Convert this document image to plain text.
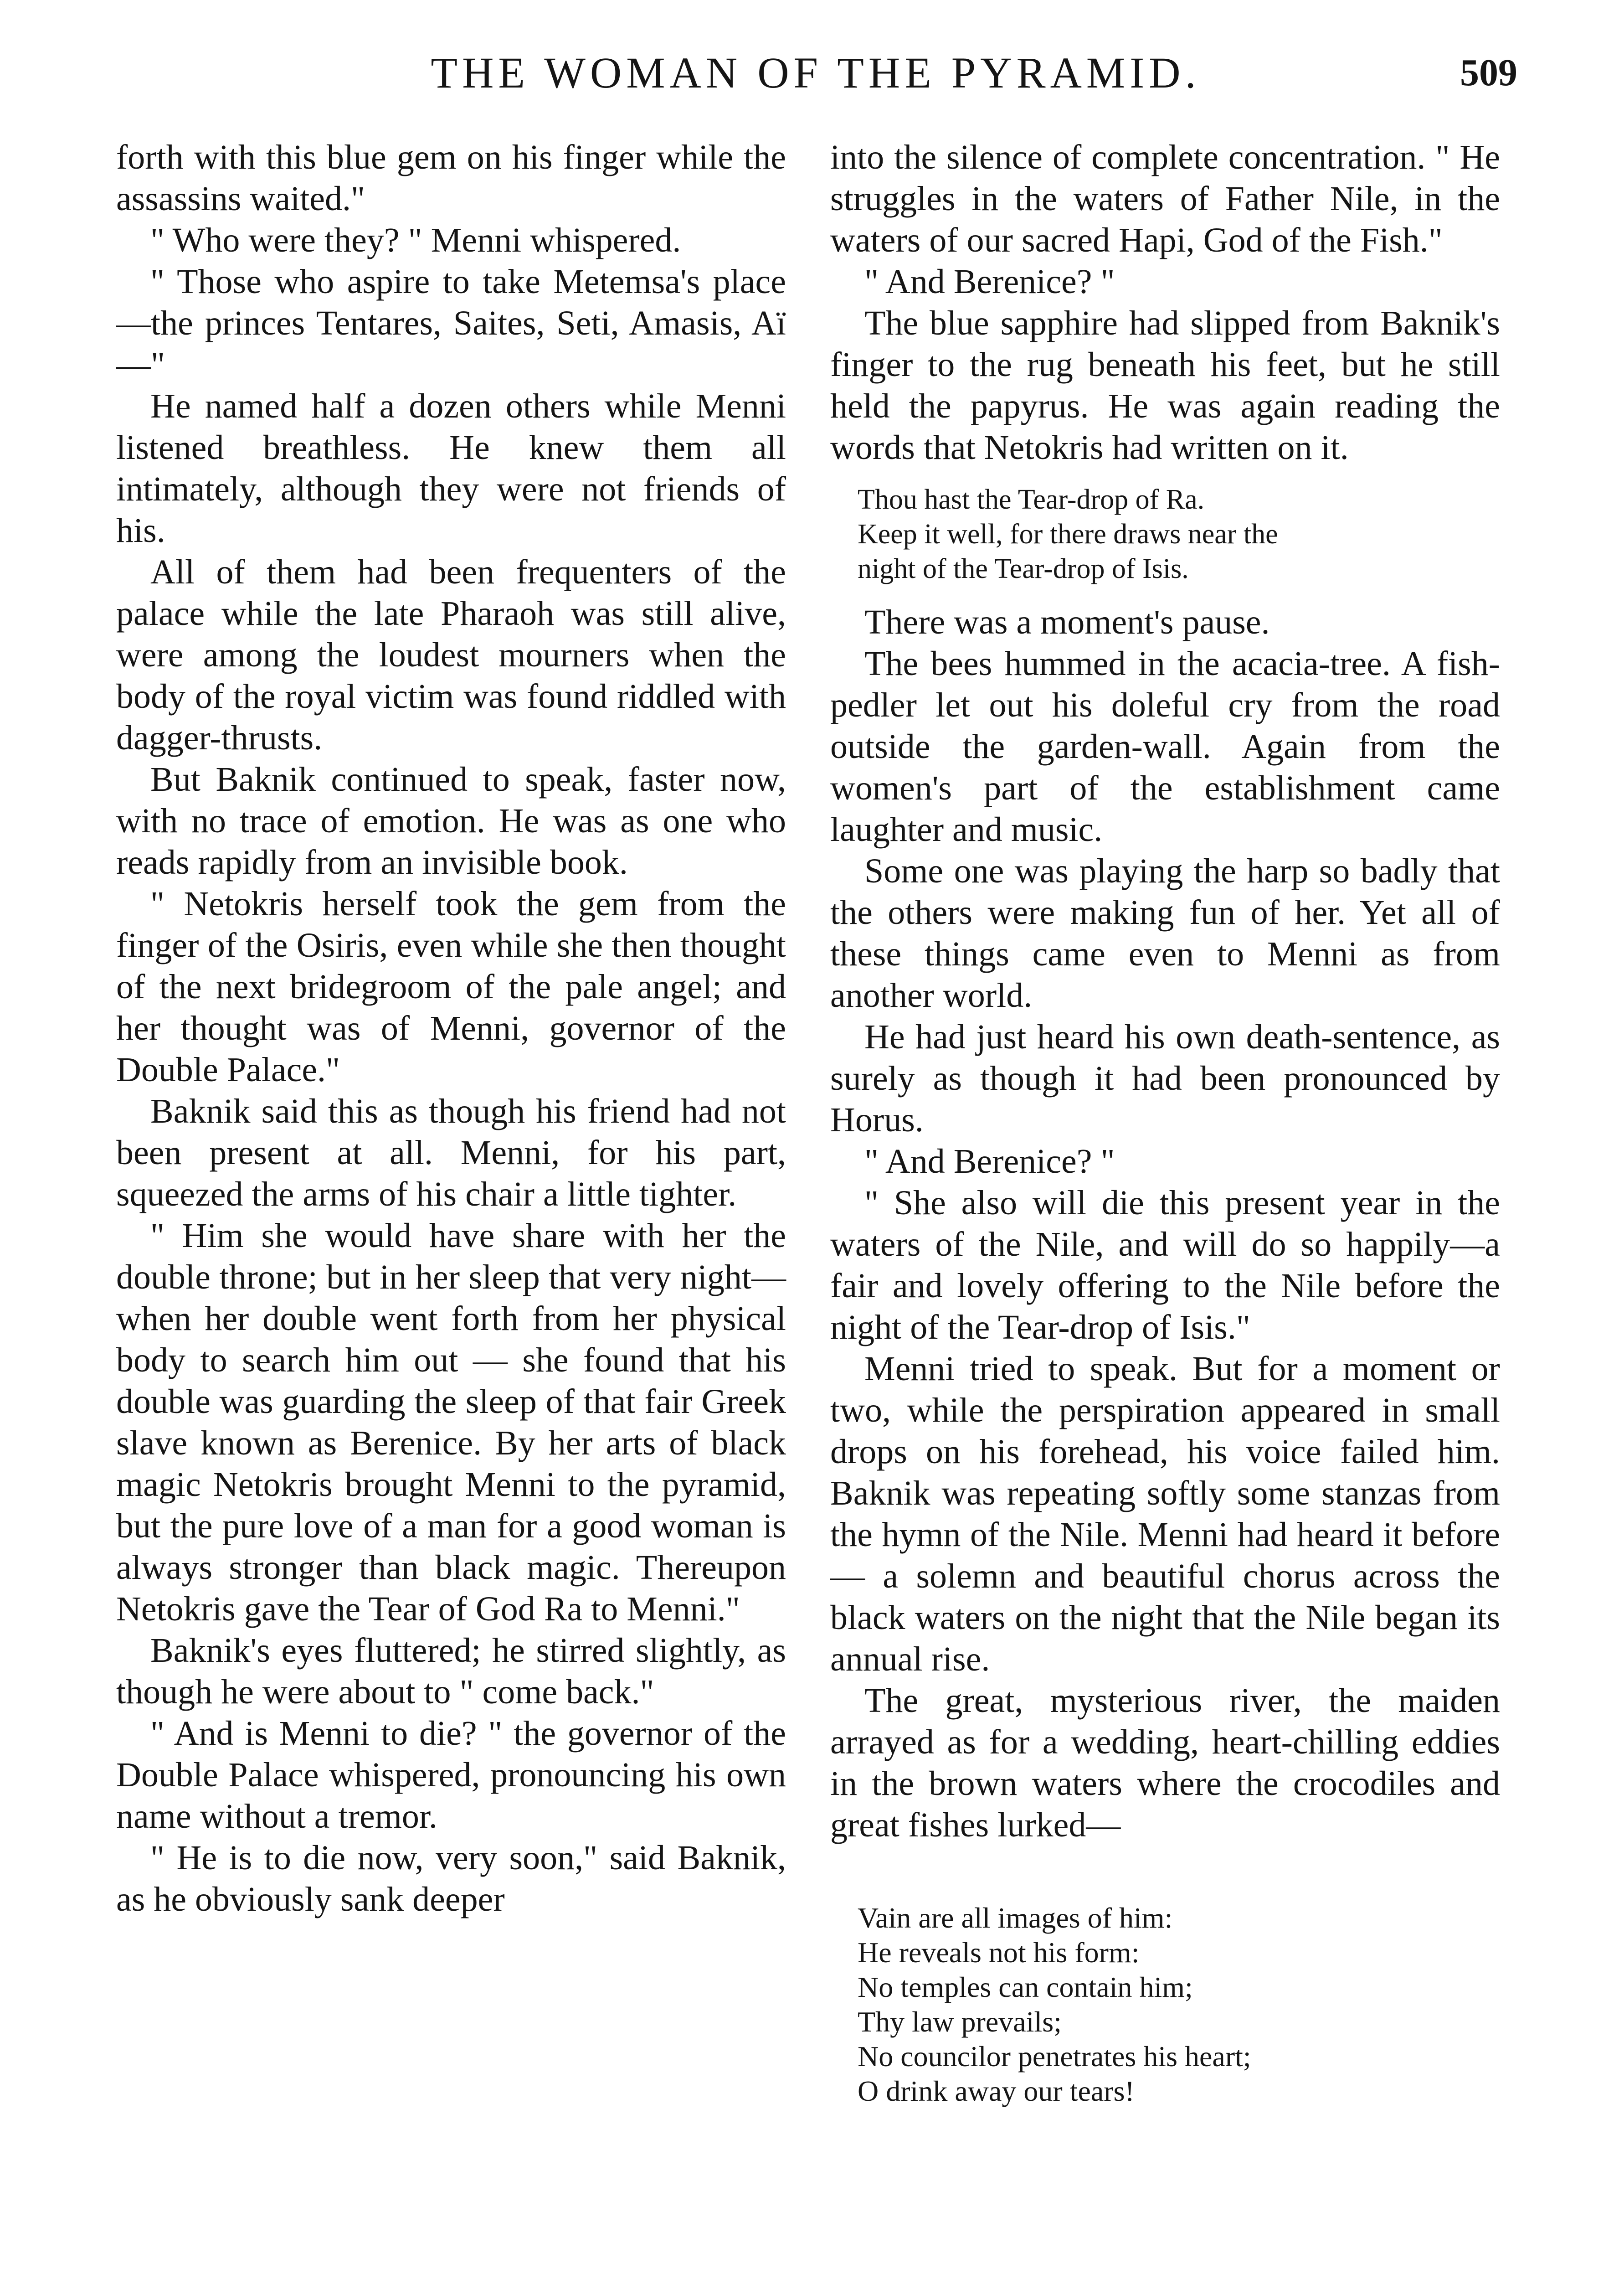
THE WOMAN OF THE PYRAMID.	509

forth with this blue gem on his finger while the assassins waited."

" Who were they? " Menni whispered.

" Those who aspire to take Metemsa's place—the princes Tentares, Saites, Seti, Amasis, Aï—"

He named half a dozen others while Menni listened breathless. He knew them all intimately, although they were not friends of his.

All of them had been frequenters of the palace while the late Pharaoh was still alive, were among the loudest mourners when the body of the royal victim was found riddled with dagger-thrusts.

But Baknik continued to speak, faster now, with no trace of emotion. He was as one who reads rapidly from an invisible book.

" Netokris herself took the gem from the finger of the Osiris, even while she then thought of the next bridegroom of the pale angel; and her thought was of Menni, governor of the Double Palace."

Baknik said this as though his friend had not been present at all. Menni, for his part, squeezed the arms of his chair a little tighter.

" Him she would have share with her the double throne; but in her sleep that very night—when her double went forth from her physical body to search him out — she found that his double was guarding the sleep of that fair Greek slave known as Berenice. By her arts of black magic Netokris brought Menni to the pyramid, but the pure love of a man for a good woman is always stronger than black magic. Thereupon Netokris gave the Tear of God Ra to Menni."

Baknik's eyes fluttered; he stirred slightly, as though he were about to " come back."

" And is Menni to die? " the governor of the Double Palace whispered, pronouncing his own name without a tremor.

" He is to die now, very soon," said Baknik, as he obviously sank deeper

into the silence of complete concentration. " He struggles in the waters of Father Nile, in the waters of our sacred Hapi, God of the Fish."

" And Berenice? "

The blue sapphire had slipped from Baknik's finger to the rug beneath his feet, but he still held the papyrus. He was again reading the words that Netokris had written on it.

Thou hast the Tear-drop of Ra.
Keep it well, for there draws near the
night of the Tear-drop of Isis.

There was a moment's pause.

The bees hummed in the acacia-tree. A fish-pedler let out his doleful cry from the road outside the garden-wall. Again from the women's part of the establishment came laughter and music.

Some one was playing the harp so badly that the others were making fun of her. Yet all of these things came even to Menni as from another world.

He had just heard his own death-sentence, as surely as though it had been pronounced by Horus.

" And Berenice? "

" She also will die this present year in the waters of the Nile, and will do so happily—a fair and lovely offering to the Nile before the night of the Tear-drop of Isis."

Menni tried to speak. But for a moment or two, while the perspiration appeared in small drops on his forehead, his voice failed him. Baknik was repeating softly some stanzas from the hymn of the Nile. Menni had heard it before — a solemn and beautiful chorus across the black waters on the night that the Nile began its annual rise.

The great, mysterious river, the maiden arrayed as for a wedding, heart-chilling eddies in the brown waters where the crocodiles and great fishes lurked—

Vain are all images of him:
He reveals not his form:
No temples can contain him;
Thy law prevails;
No councilor penetrates his heart;
O drink away our tears!
